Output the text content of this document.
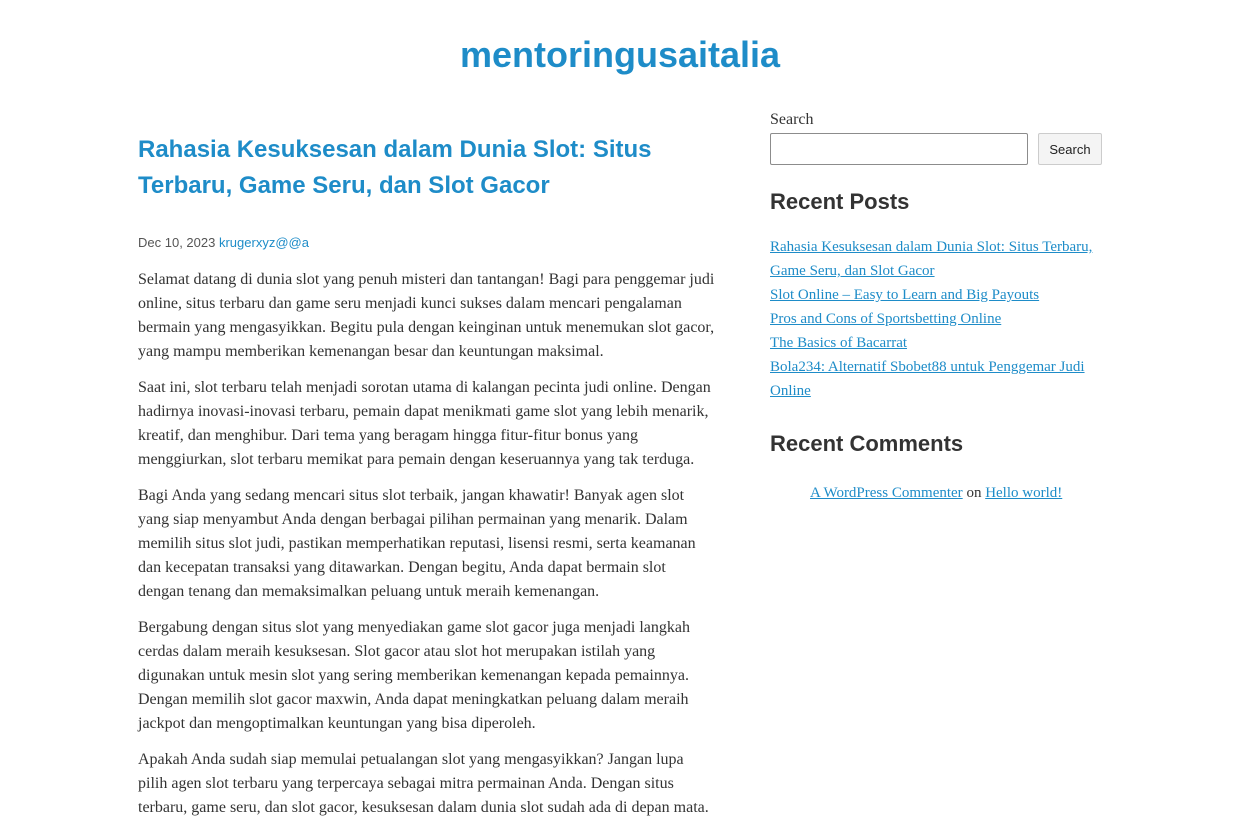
mentoringusaitalia
Rahasia Kesuksesan dalam Dunia Slot: Situs Terbaru, Game Seru, dan Slot Gacor
Dec 10, 2023 krugerxyz@@a

Selamat datang di dunia slot yang penuh misteri dan tantangan! Bagi para penggemar judi online, situs terbaru dan game seru menjadi kunci sukses dalam mencari pengalaman bermain yang mengasyikkan. Begitu pula dengan keinginan untuk menemukan slot gacor, yang mampu memberikan kemenangan besar dan keuntungan maksimal.

Saat ini, slot terbaru telah menjadi sorotan utama di kalangan pecinta judi online. Dengan hadirnya inovasi-inovasi terbaru, pemain dapat menikmati game slot yang lebih menarik, kreatif, dan menghibur. Dari tema yang beragam hingga fitur-fitur bonus yang menggiurkan, slot terbaru memikat para pemain dengan keseruannya yang tak terduga.

Bagi Anda yang sedang mencari situs slot terbaik, jangan khawatir! Banyak agen slot yang siap menyambut Anda dengan berbagai pilihan permainan yang menarik. Dalam memilih situs slot judi, pastikan memperhatikan reputasi, lisensi resmi, serta keamanan dan kecepatan transaksi yang ditawarkan. Dengan begitu, Anda dapat bermain slot dengan tenang dan memaksimalkan peluang untuk meraih kemenangan.

Bergabung dengan situs slot yang menyediakan game slot gacor juga menjadi langkah cerdas dalam meraih kesuksesan. Slot gacor atau slot hot merupakan istilah yang digunakan untuk mesin slot yang sering memberikan kemenangan kepada pemainnya. Dengan memilih slot gacor maxwin, Anda dapat meningkatkan peluang dalam meraih jackpot dan mengoptimalkan keuntungan yang bisa diperoleh.

Apakah Anda sudah siap memulai petualangan slot yang mengasyikkan? Jangan lupa pilih agen slot terbaru yang terpercaya sebagai mitra permainan Anda. Dengan situs terbaru, game seru, dan slot gacor, kesuksesan dalam dunia slot sudah ada di depan mata.

Search
Search
Recent Posts
Rahasia Kesuksesan dalam Dunia Slot: Situs Terbaru, Game Seru, dan Slot Gacor
Slot Online – Easy to Learn and Big Payouts
Pros and Cons of Sportsbetting Online
The Basics of Bacarrat
Bola234: Alternatif Sbobet88 untuk Penggemar Judi Online
Recent Comments
A WordPress Commenter on Hello world!
